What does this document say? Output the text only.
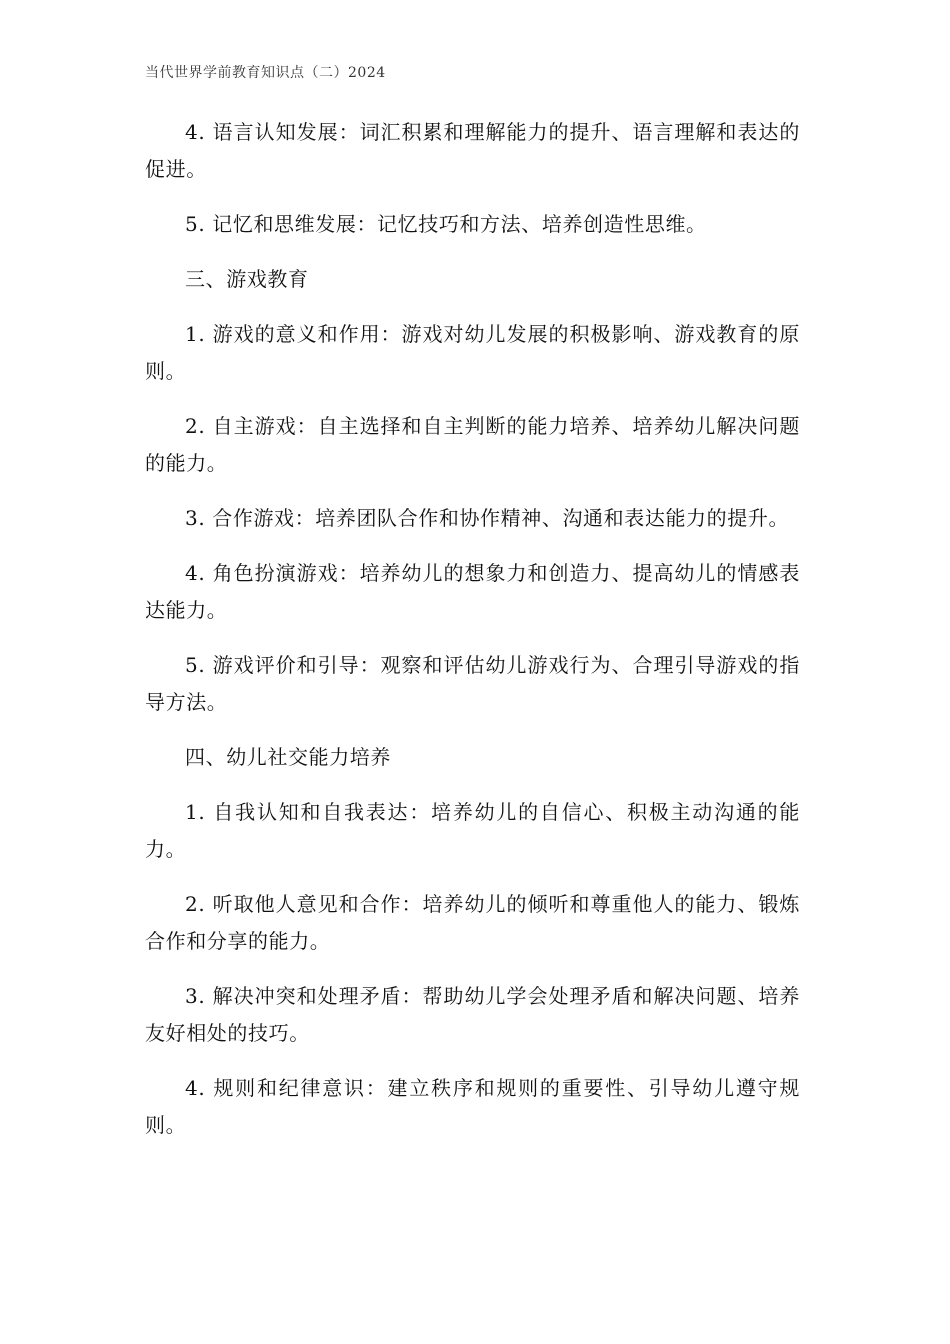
当代世界学前教育知识点（二）2024

4. 语言认知发展：词汇积累和理解能力的提升、语言理解和表达的促进。

5. 记忆和思维发展：记忆技巧和方法、培养创造性思维。

三、游戏教育

1. 游戏的意义和作用：游戏对幼儿发展的积极影响、游戏教育的原则。

2. 自主游戏：自主选择和自主判断的能力培养、培养幼儿解决问题的能力。

3. 合作游戏：培养团队合作和协作精神、沟通和表达能力的提升。

4. 角色扮演游戏：培养幼儿的想象力和创造力、提高幼儿的情感表达能力。

5. 游戏评价和引导：观察和评估幼儿游戏行为、合理引导游戏的指导方法。

四、幼儿社交能力培养

1. 自我认知和自我表达：培养幼儿的自信心、积极主动沟通的能力。

2. 听取他人意见和合作：培养幼儿的倾听和尊重他人的能力、锻炼合作和分享的能力。

3. 解决冲突和处理矛盾：帮助幼儿学会处理矛盾和解决问题、培养友好相处的技巧。

4. 规则和纪律意识：建立秩序和规则的重要性、引导幼儿遵守规则。
